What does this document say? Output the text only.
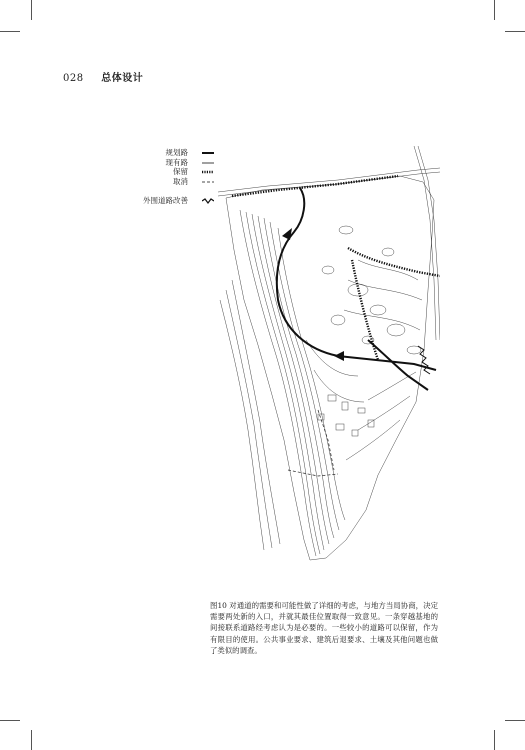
028 总体设计
规划路
现有路
保留
取消
外围道路改善
图10 对通道的需要和可能性做了详细的考虑，与地方当局协商，决定需要两处新的入口，并就其最佳位置取得一致意见。一条穿越基地的间接联系道路经考虑认为是必要的。一些较小的道路可以保留，作为有限目的使用。公共事业要求、建筑后退要求、土壤及其他问题也做了类似的调查。
